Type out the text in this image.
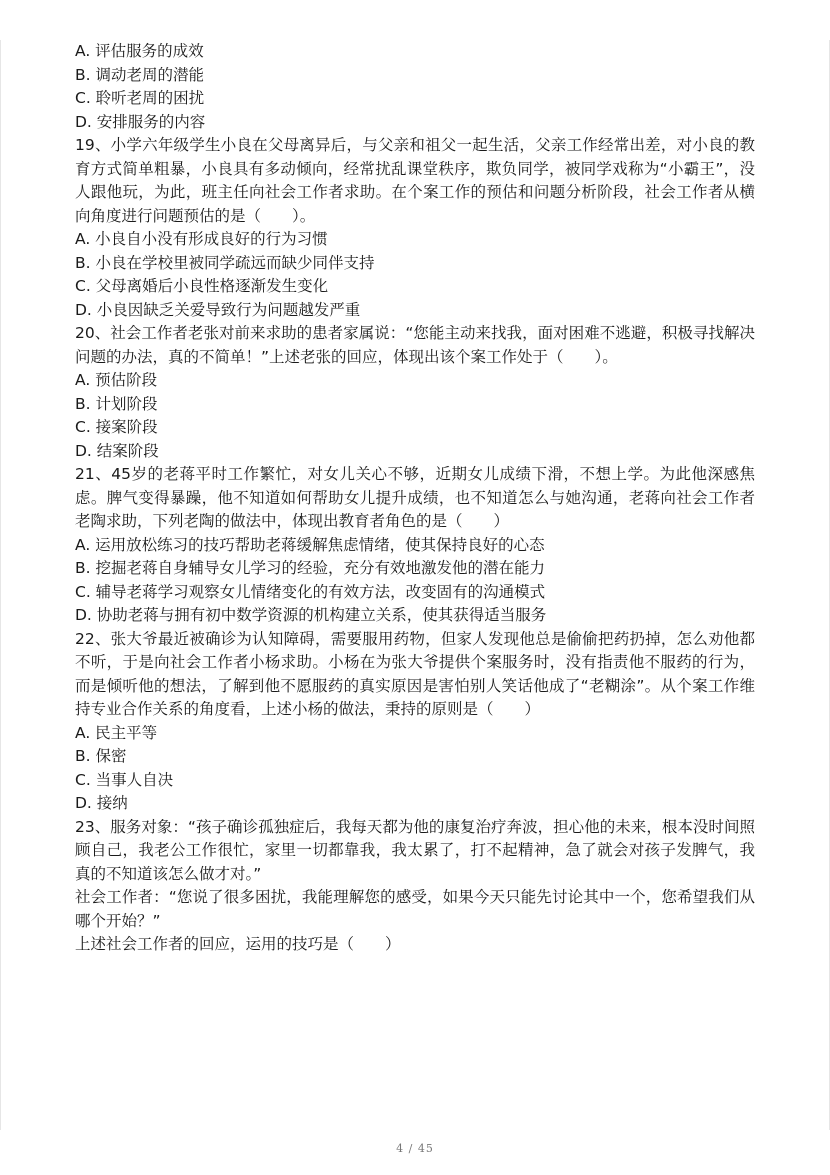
A. 评估服务的成效

B. 调动老周的潜能

C. 聆听老周的困扰

D. 安排服务的内容

19、小学六年级学生小良在父母离异后，与父亲和祖父一起生活，父亲工作经常出差，对小良的教育方式简单粗暴，小良具有多动倾向，经常扰乱课堂秩序，欺负同学，被同学戏称为“小霸王”，没人跟他玩，为此，班主任向社会工作者求助。在个案工作的预估和问题分析阶段，社会工作者从横向角度进行问题预估的是（　　）。

A. 小良自小没有形成良好的行为习惯

B. 小良在学校里被同学疏远而缺少同伴支持

C. 父母离婚后小良性格逐渐发生变化

D. 小良因缺乏关爱导致行为问题越发严重

20、社会工作者老张对前来求助的患者家属说：“您能主动来找我，面对困难不逃避，积极寻找解决问题的办法，真的不简单！”上述老张的回应，体现出该个案工作处于（　　）。

A. 预估阶段

B. 计划阶段

C. 接案阶段

D. 结案阶段

21、45岁的老蒋平时工作繁忙，对女儿关心不够，近期女儿成绩下滑，不想上学。为此他深感焦虑。脾气变得暴躁，他不知道如何帮助女儿提升成绩，也不知道怎么与她沟通，老蒋向社会工作者老陶求助，下列老陶的做法中，体现出教育者角色的是（　　）

A. 运用放松练习的技巧帮助老蒋缓解焦虑情绪，使其保持良好的心态

B. 挖掘老蒋自身辅导女儿学习的经验，充分有效地激发他的潜在能力

C. 辅导老蒋学习观察女儿情绪变化的有效方法，改变固有的沟通模式

D. 协助老蒋与拥有初中数学资源的机构建立关系，使其获得适当服务

22、张大爷最近被确诊为认知障碍，需要服用药物，但家人发现他总是偷偷把药扔掉，怎么劝他都不听，于是向社会工作者小杨求助。小杨在为张大爷提供个案服务时，没有指责他不服药的行为，而是倾听他的想法，了解到他不愿服药的真实原因是害怕别人笑话他成了“老糊涂”。从个案工作维持专业合作关系的角度看，上述小杨的做法，秉持的原则是（　　）

A. 民主平等

B. 保密

C. 当事人自决

D. 接纳

23、服务对象：“孩子确诊孤独症后，我每天都为他的康复治疗奔波，担心他的未来，根本没时间照顾自己，我老公工作很忙，家里一切都靠我，我太累了，打不起精神，急了就会对孩子发脾气，我真的不知道该怎么做才对。”

社会工作者：“您说了很多困扰，我能理解您的感受，如果今天只能先讨论其中一个，您希望我们从哪个开始？”

上述社会工作者的回应，运用的技巧是（　　）

4 / 45
